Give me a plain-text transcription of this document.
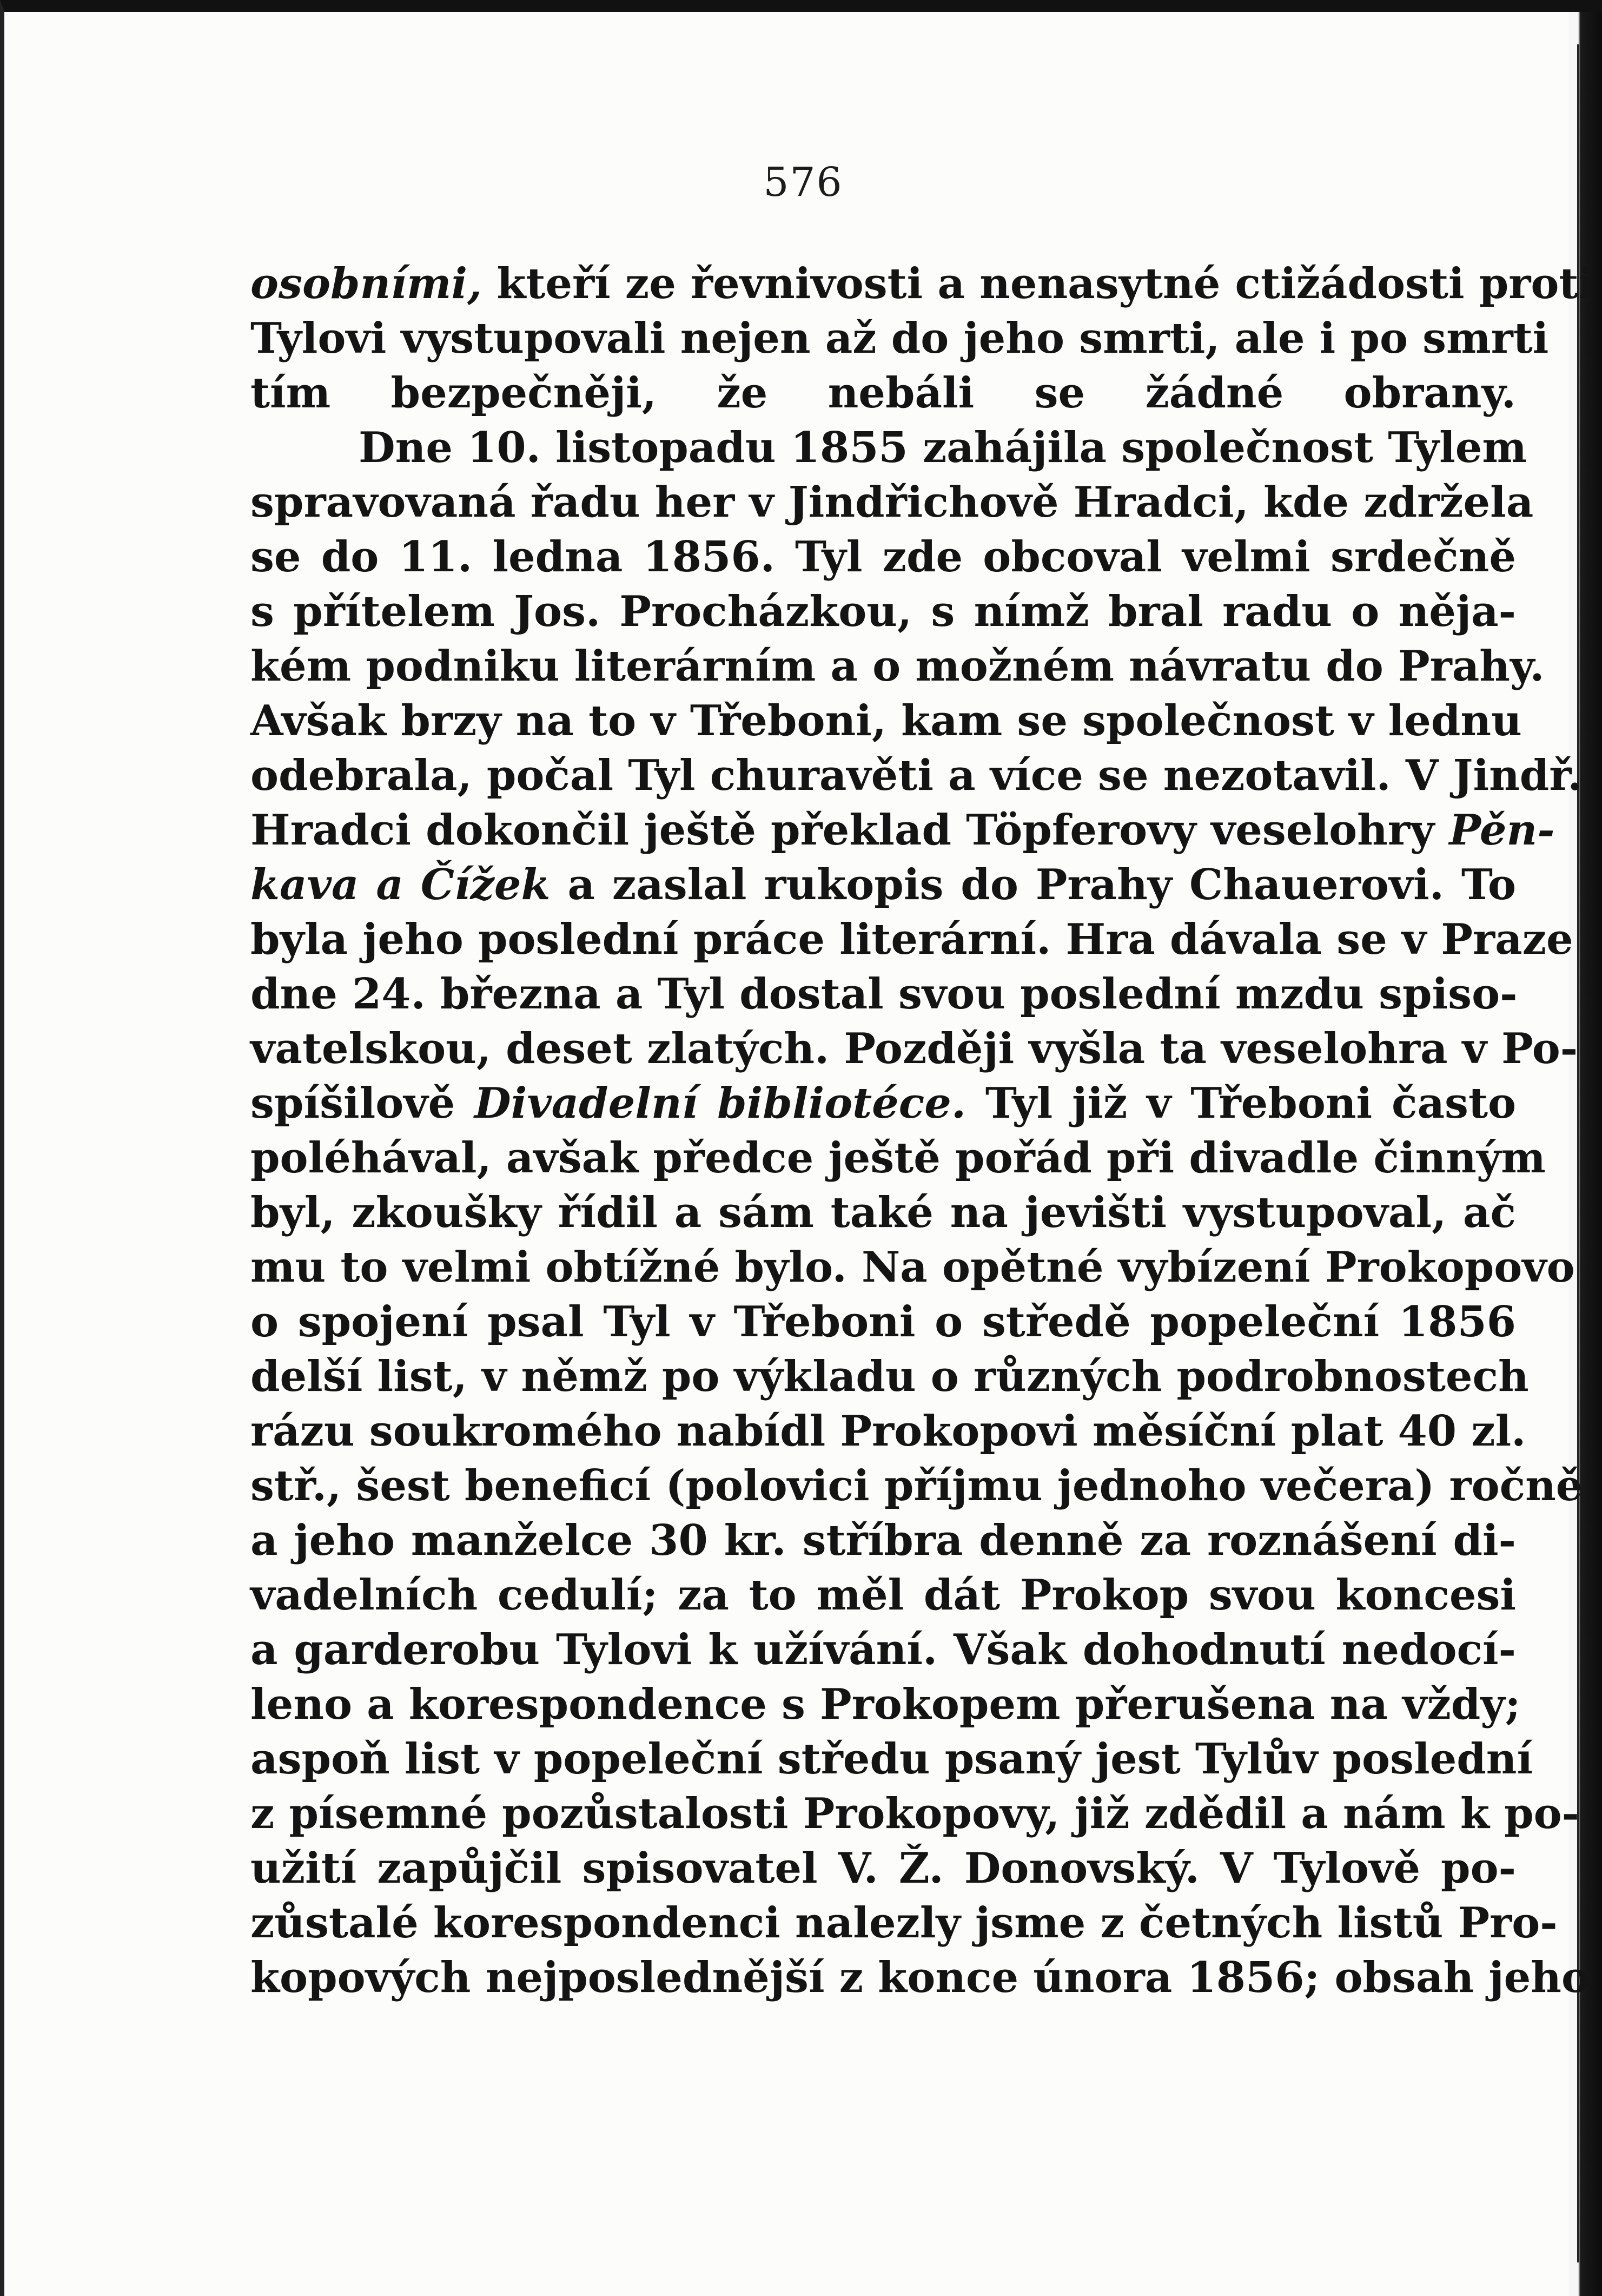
576
osobními, kteří ze řevnivosti a nenasytné ctižádosti proti
Tylovi vystupovali nejen až do jeho smrti, ale i po smrti
tím bezpečněji, že nebáli se žádné obrany.
Dne 10. listopadu 1855 zahájila společnost Tylem
spravovaná řadu her v Jindřichově Hradci, kde zdržela
se do 11. ledna 1856. Tyl zde obcoval velmi srdečně
s přítelem Jos. Procházkou, s nímž bral radu o něja-
kém podniku literárním a o možném návratu do Prahy.
Avšak brzy na to v Třeboni, kam se společnost v lednu
odebrala, počal Tyl churavěti a více se nezotavil. V Jindř.
Hradci dokončil ještě překlad Töpferovy veselohry Pěn-
kava a Čížek a zaslal rukopis do Prahy Chauerovi. To
byla jeho poslední práce literární. Hra dávala se v Praze
dne 24. března a Tyl dostal svou poslední mzdu spiso-
vatelskou, deset zlatých. Později vyšla ta veselohra v Po-
spíšilově Divadelní bibliotéce. Tyl již v Třeboni často
poléhával, avšak předce ještě pořád při divadle činným
byl, zkoušky řídil a sám také na jevišti vystupoval, ač
mu to velmi obtížné bylo. Na opětné vybízení Prokopovo
o spojení psal Tyl v Třeboni o středě popeleční 1856
delší list, v němž po výkladu o různých podrobnostech
rázu soukromého nabídl Prokopovi měsíční plat 40 zl.
stř., šest beneficí (polovici příjmu jednoho večera) ročně
a jeho manželce 30 kr. stříbra denně za roznášení di-
vadelních cedulí; za to měl dát Prokop svou koncesi
a garderobu Tylovi k užívání. Však dohodnutí nedocí-
leno a korespondence s Prokopem přerušena na vždy;
aspoň list v popeleční středu psaný jest Tylův poslední
z písemné pozůstalosti Prokopovy, již zdědil a nám k po-
užití zapůjčil spisovatel V. Ž. Donovský. V Tylově po-
zůstalé korespondenci nalezly jsme z četných listů Pro-
kopových nejposlednější z konce února 1856; obsah jeho
